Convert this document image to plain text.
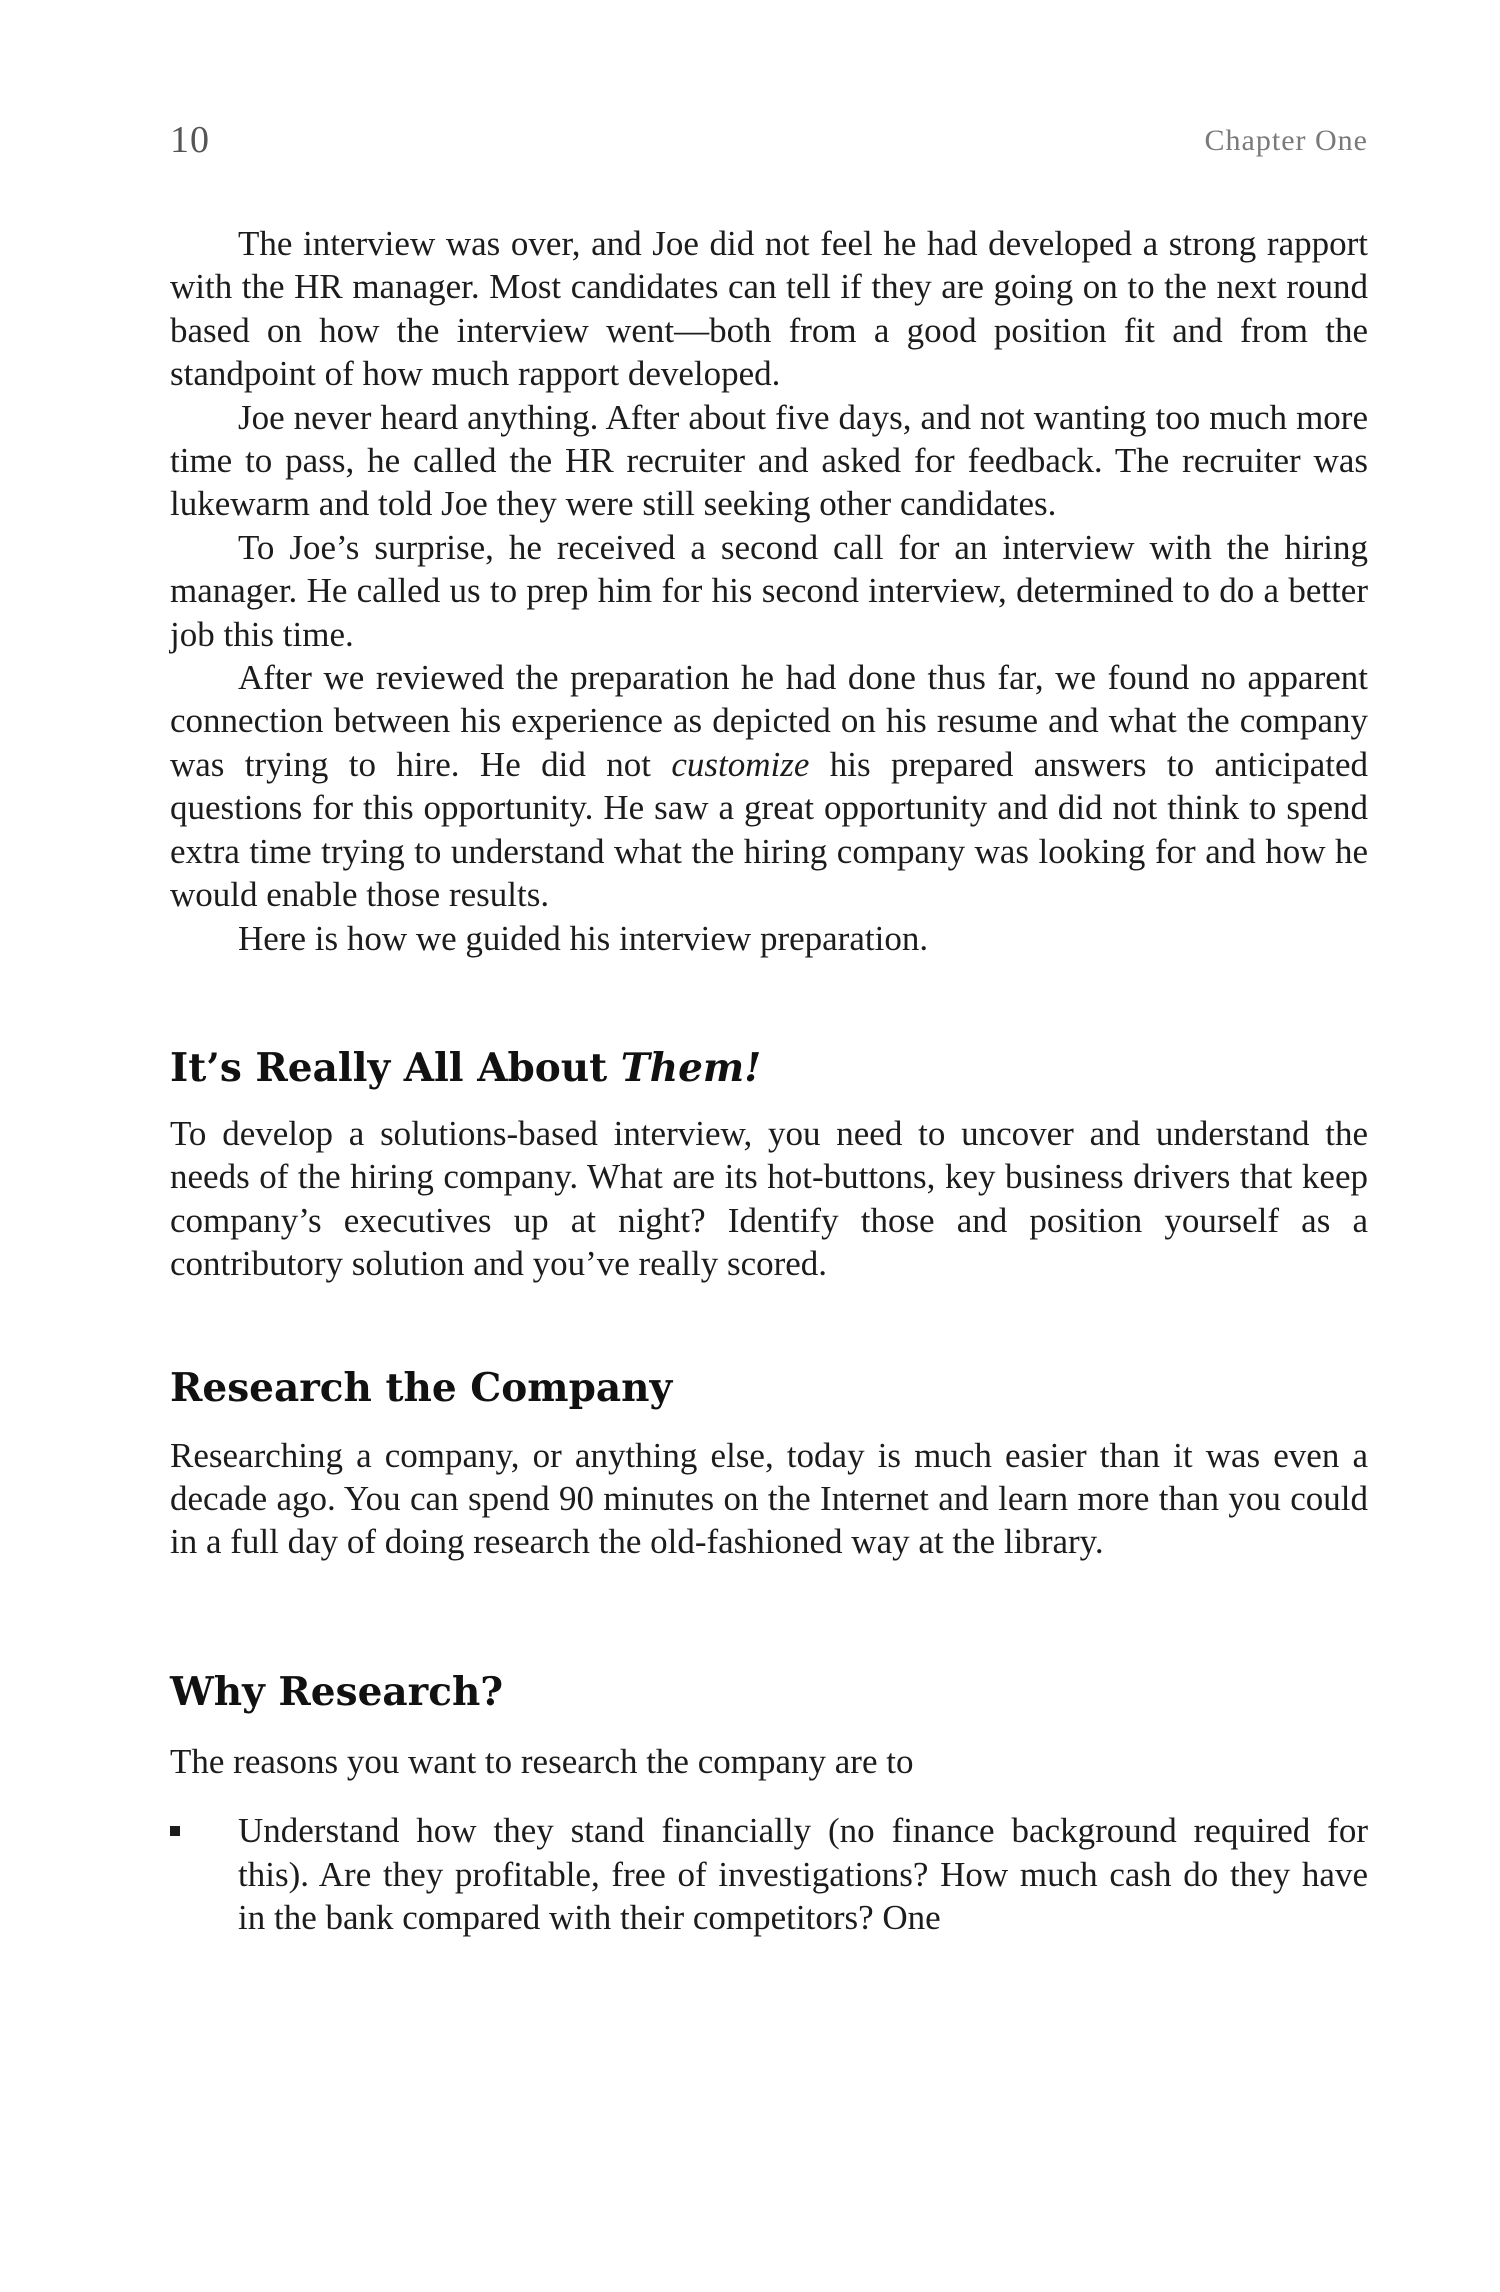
10	Chapter One

The interview was over, and Joe did not feel he had developed a strong rapport with the HR manager. Most candidates can tell if they are going on to the next round based on how the interview went—both from a good position fit and from the standpoint of how much rapport developed.

Joe never heard anything. After about five days, and not wanting too much more time to pass, he called the HR recruiter and asked for feedback. The recruiter was lukewarm and told Joe they were still seeking other candidates.

To Joe’s surprise, he received a second call for an interview with the hiring manager. He called us to prep him for his second interview, determined to do a better job this time.

After we reviewed the preparation he had done thus far, we found no apparent connection between his experience as depicted on his resume and what the company was trying to hire. He did not customize his prepared answers to anticipated questions for this opportunity. He saw a great opportunity and did not think to spend extra time trying to understand what the hiring company was looking for and how he would enable those results.

Here is how we guided his interview preparation.

It’s Really All About Them!

To develop a solutions-based interview, you need to uncover and understand the needs of the hiring company. What are its hot-buttons, key business drivers that keep company’s executives up at night? Identify those and position yourself as a contributory solution and you’ve really scored.

Research the Company

Researching a company, or anything else, today is much easier than it was even a decade ago. You can spend 90 minutes on the Internet and learn more than you could in a full day of doing research the old-fashioned way at the library.

Why Research?

The reasons you want to research the company are to

Understand how they stand financially (no finance background required for this). Are they profitable, free of investigations? How much cash do they have in the bank compared with their competitors? One
